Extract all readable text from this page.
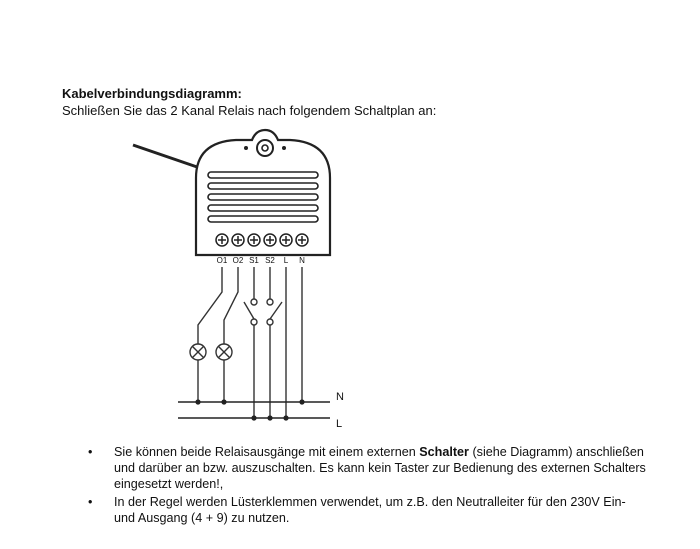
Kabelverbindungsdiagramm:
Schließen Sie das 2 Kanal Relais nach folgendem Schaltplan an:
O1 O2 S1 S2 L N
N
L
• Sie können beide Relaisausgänge mit einem externen Schalter (siehe Diagramm) anschließen und darüber an bzw. auszuschalten. Es kann kein Taster zur Bedienung des externen Schalters eingesetzt werden!,
• In der Regel werden Lüsterklemmen verwendet, um z.B. den Neutralleiter für den 230V Ein- und Ausgang (4 + 9) zu nutzen.
